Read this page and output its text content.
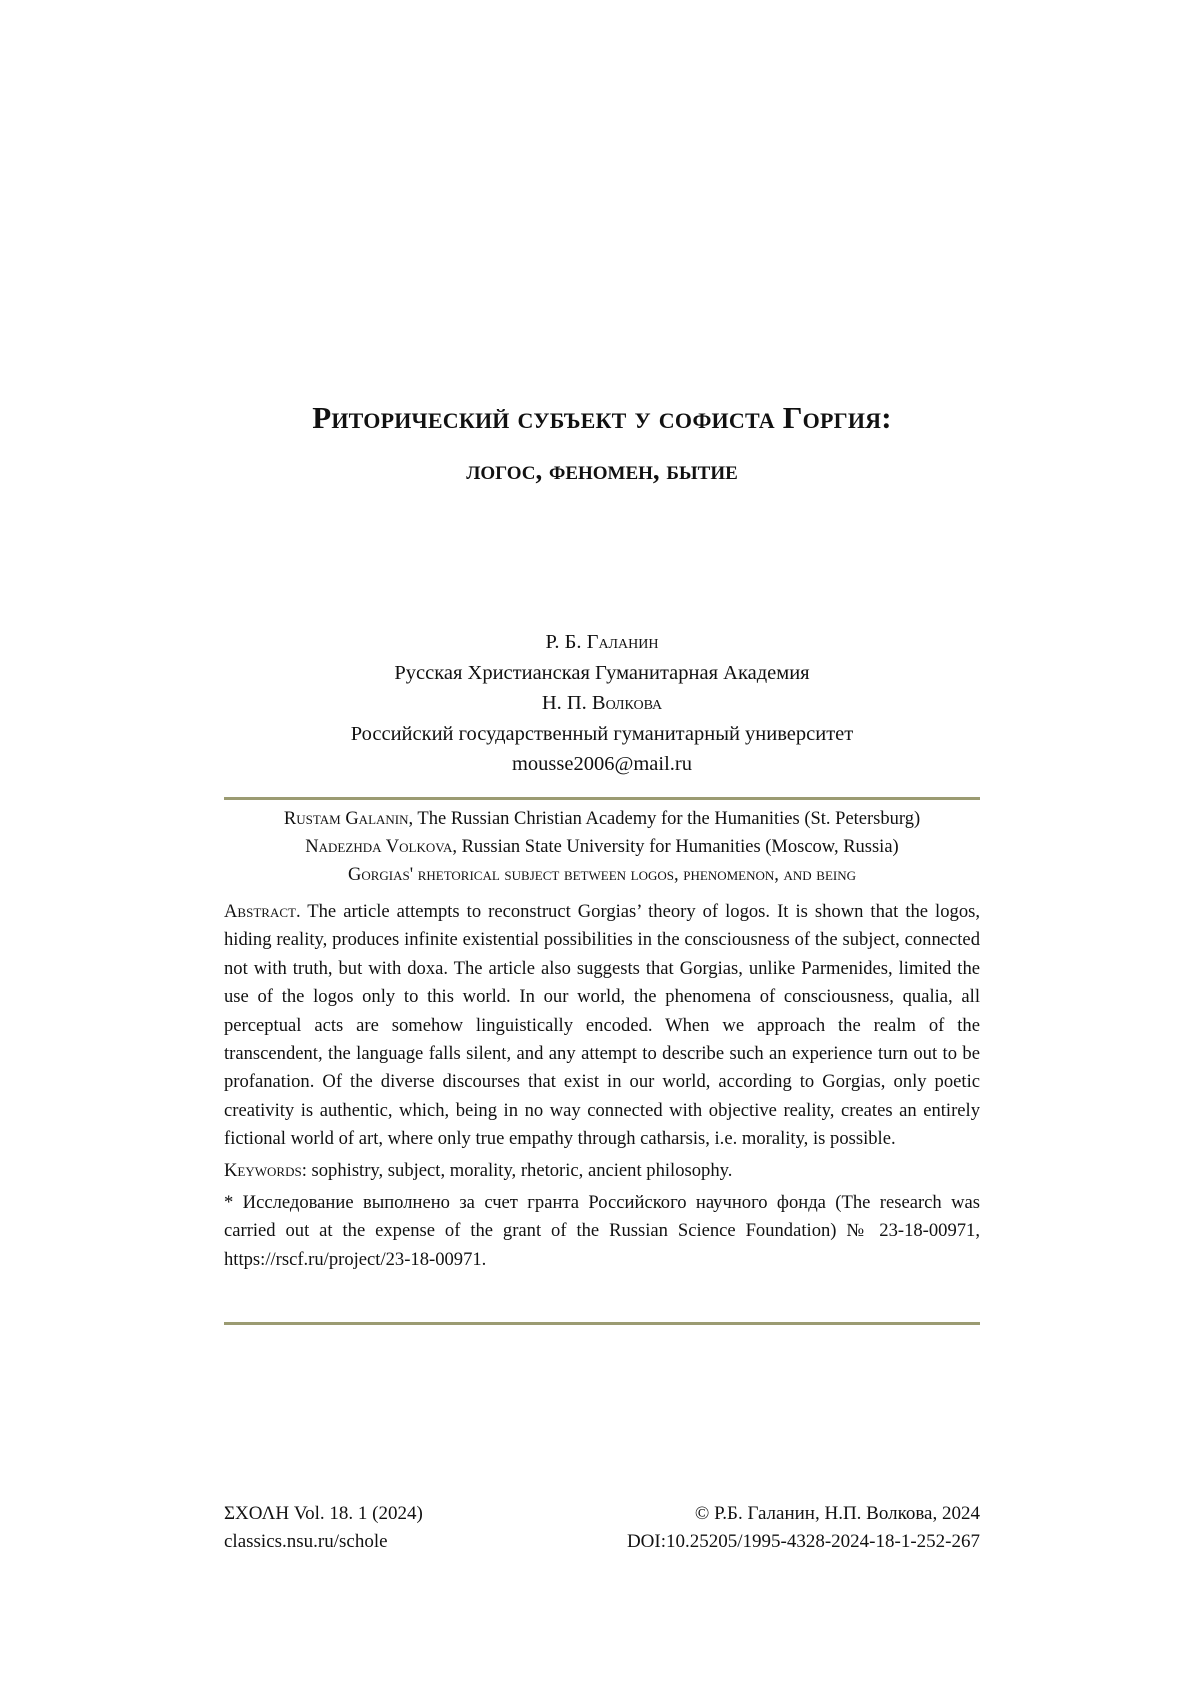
Риторический субъект у софиста Горгия:
логос, феномен, бытие
Р. Б. Галанин
Русская Христианская Гуманитарная Академия
Н. П. Волкова
Российский государственный гуманитарный университет
mousse2006@mail.ru
Rustam Galanin, The Russian Christian Academy for the Humanities (St. Petersburg)
Nadezhda Volkova, Russian State University for Humanities (Moscow, Russia)
Gorgias' rhetorical subject between logos, phenomenon, and being

Abstract. The article attempts to reconstruct Gorgias’ theory of logos. It is shown that the logos, hiding reality, produces infinite existential possibilities in the consciousness of the subject, connected not with truth, but with doxa. The article also suggests that Gorgias, unlike Parmenides, limited the use of the logos only to this world. In our world, the phenomena of consciousness, qualia, all perceptual acts are somehow linguistically encoded. When we approach the realm of the transcendent, the language falls silent, and any attempt to describe such an experience turn out to be profanation. Of the diverse discourses that exist in our world, according to Gorgias, only poetic creativity is authentic, which, being in no way connected with objective reality, creates an entirely fictional world of art, where only true empathy through catharsis, i.e. morality, is possible.

Keywords: sophistry, subject, morality, rhetoric, ancient philosophy.

* Исследование выполнено за счет гранта Российского научного фонда (The research was carried out at the expense of the grant of the Russian Science Foundation) № 23-18-00971, https://rscf.ru/project/23-18-00971.

ΣΧΟΛΗ Vol. 18. 1 (2024)
classics.nsu.ru/schole
© Р.Б. Галанин, Н.П. Волкова, 2024
DOI:10.25205/1995-4328-2024-18-1-252-267
